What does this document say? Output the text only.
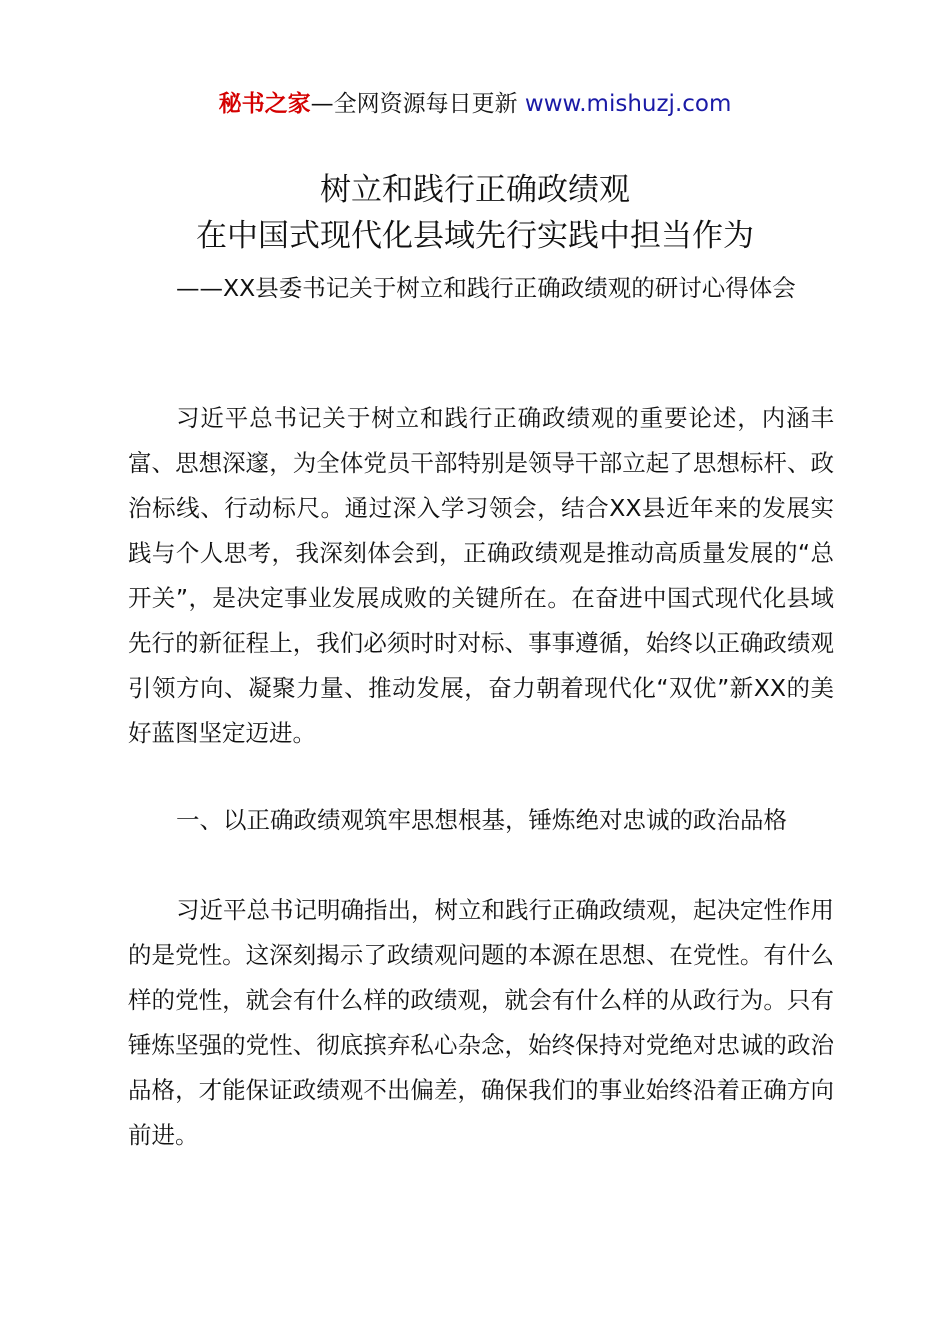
秘书之家—全网资源每日更新 www.mishuzj.com
树立和践行正确政绩观
在中国式现代化县域先行实践中担当作为

——XX县委书记关于树立和践行正确政绩观的研讨心得体会

习近平总书记关于树立和践行正确政绩观的重要论述，内涵丰富、思想深邃，为全体党员干部特别是领导干部立起了思想标杆、政治标线、行动标尺。通过深入学习领会，结合XX县近年来的发展实践与个人思考，我深刻体会到，正确政绩观是推动高质量发展的“总开关”，是决定事业发展成败的关键所在。在奋进中国式现代化县域先行的新征程上，我们必须时时对标、事事遵循，始终以正确政绩观引领方向、凝聚力量、推动发展，奋力朝着现代化“双优”新XX的美好蓝图坚定迈进。

一、以正确政绩观筑牢思想根基，锤炼绝对忠诚的政治品格

习近平总书记明确指出，树立和践行正确政绩观，起决定性作用的是党性。这深刻揭示了政绩观问题的本源在思想、在党性。有什么样的党性，就会有什么样的政绩观，就会有什么样的从政行为。只有锤炼坚强的党性、彻底摈弃私心杂念，始终保持对党绝对忠诚的政治品格，才能保证政绩观不出偏差，确保我们的事业始终沿着正确方向前进。
